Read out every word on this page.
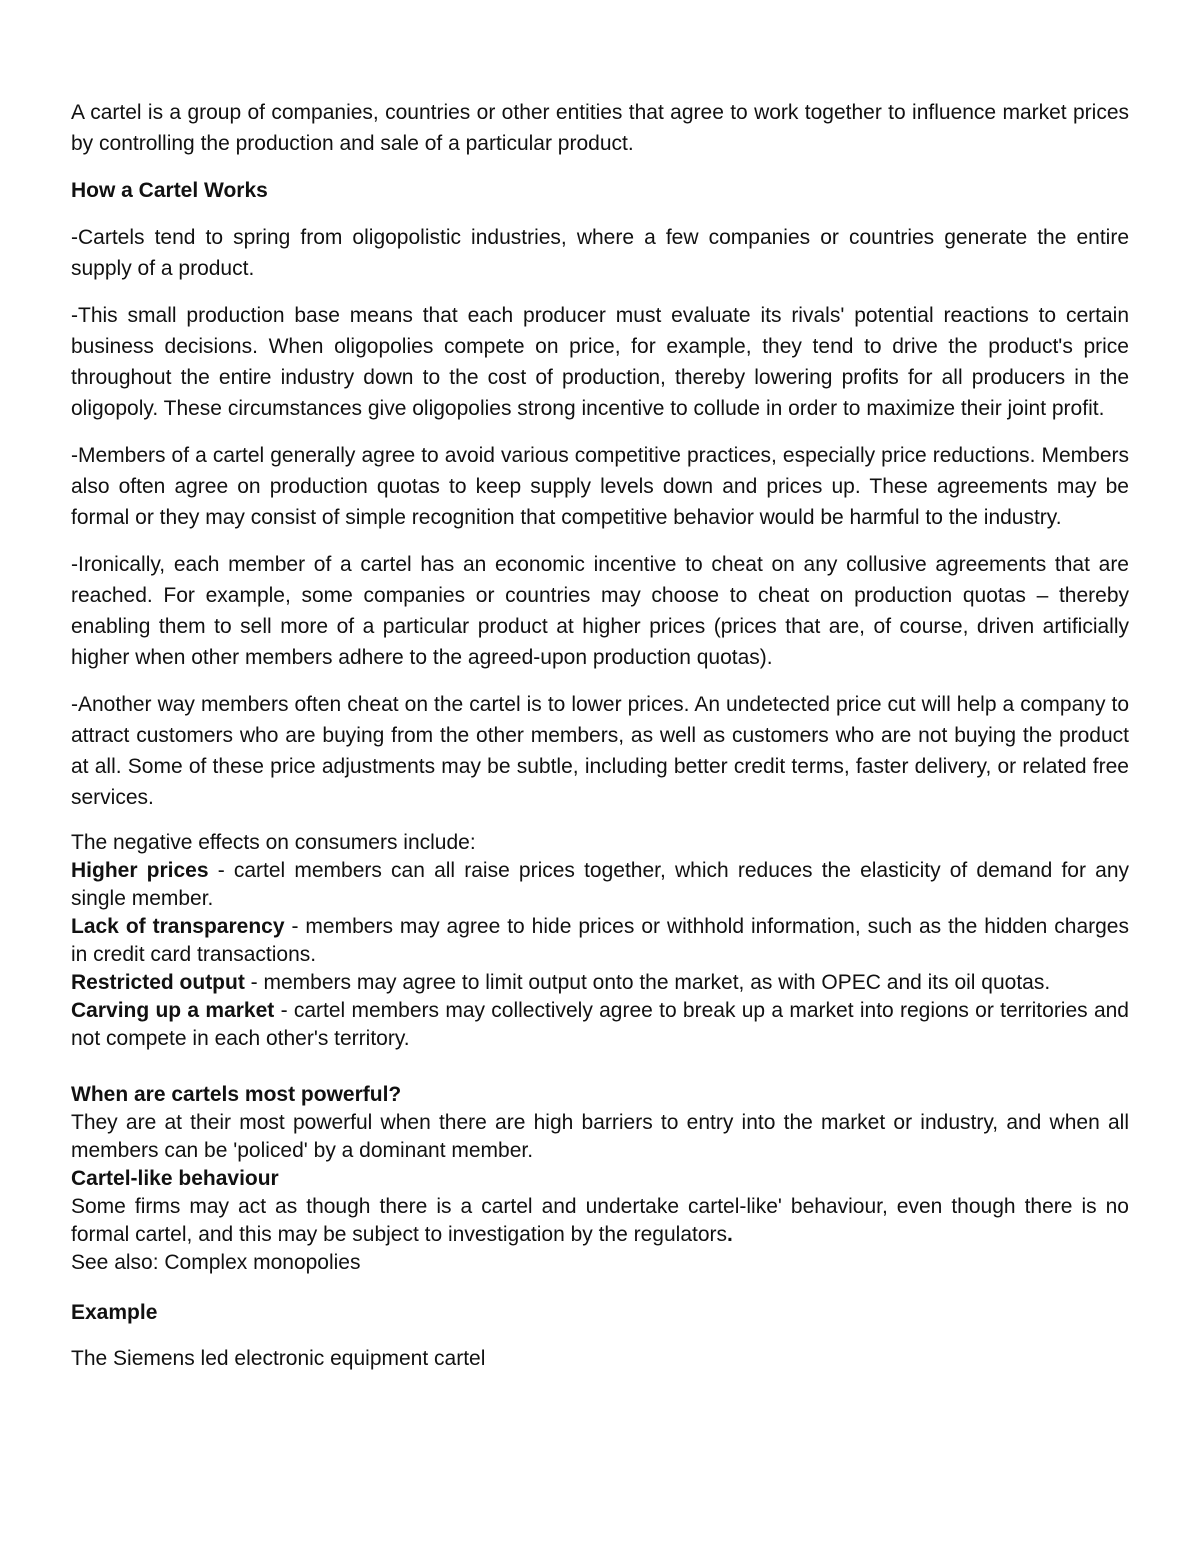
A cartel is a group of companies, countries or other entities that agree to work together to influence market prices by controlling the production and sale of a particular product.

How a Cartel Works

-Cartels tend to spring from oligopolistic industries, where a few companies or countries generate the entire supply of a product.

-This small production base means that each producer must evaluate its rivals' potential reactions to certain business decisions. When oligopolies compete on price, for example, they tend to drive the product's price throughout the entire industry down to the cost of production, thereby lowering profits for all producers in the oligopoly. These circumstances give oligopolies strong incentive to collude in order to maximize their joint profit.

-Members of a cartel generally agree to avoid various competitive practices, especially price reductions. Members also often agree on production quotas to keep supply levels down and prices up. These agreements may be formal or they may consist of simple recognition that competitive behavior would be harmful to the industry.

-Ironically, each member of a cartel has an economic incentive to cheat on any collusive agreements that are reached. For example, some companies or countries may choose to cheat on production quotas – thereby enabling them to sell more of a particular product at higher prices (prices that are, of course, driven artificially higher when other members adhere to the agreed-upon production quotas).

-Another way members often cheat on the cartel is to lower prices. An undetected price cut will help a company to attract customers who are buying from the other members, as well as customers who are not buying the product at all. Some of these price adjustments may be subtle, including better credit terms, faster delivery, or related free services.

The negative effects on consumers include:

Higher prices - cartel members can all raise prices together, which reduces the elasticity of demand for any single member.

Lack of transparency - members may agree to hide prices or withhold information, such as the hidden charges in credit card transactions.

Restricted output - members may agree to limit output onto the market, as with OPEC and its oil quotas.

Carving up a market - cartel members may collectively agree to break up a market into regions or territories and not compete in each other's territory.

When are cartels most powerful?

They are at their most powerful when there are high barriers to entry into the market or industry, and when all members can be 'policed' by a dominant member.

Cartel-like behaviour

Some firms may act as though there is a cartel and undertake cartel-like' behaviour, even though there is no formal cartel, and this may be subject to investigation by the regulators.

See also: Complex monopolies

Example

The Siemens led electronic equipment cartel
